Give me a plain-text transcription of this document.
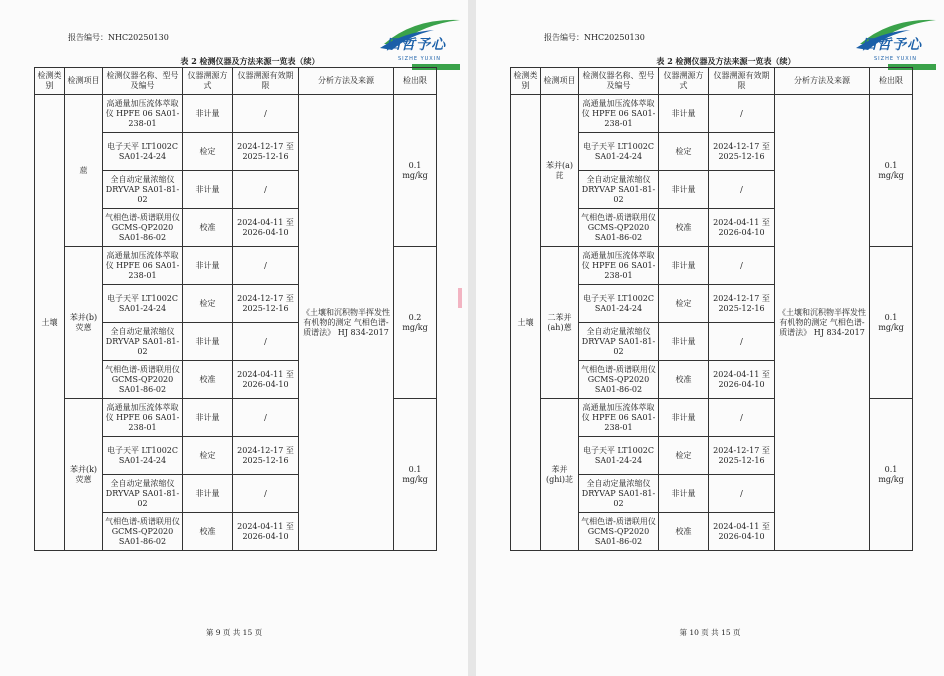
报告编号：NHC20250130	四哲予心
SIZHE YUXIN
表 2 检测仪器及方法来源一览表（续）
检测类别	检测项目	检测仪器名称、型号及编号	仪器溯源方式	仪器溯源有效期限	分析方法及来源	检出限
土壤	䓛	高通量加压流体萃取仪 HPFE 06 SA01-238-01	非计量	/	《土壤和沉积物半挥发性有机物的测定 气相色谱-质谱法》 HJ 834-2017	0.1 mg/kg
		电子天平 LT1002C SA01-24-24	检定	2024-12-17 至 2025-12-16		
		全自动定量浓缩仪 DRYVAP SA01-81-02	非计量	/		
		气相色谱-质谱联用仪 GCMS-QP2020 SA01-86-02	校准	2024-04-11 至 2026-04-10		
	苯并(b)荧蒽	高通量加压流体萃取仪 HPFE 06 SA01-238-01	非计量	/		0.2 mg/kg
		电子天平 LT1002C SA01-24-24	检定	2024-12-17 至 2025-12-16		
		全自动定量浓缩仪 DRYVAP SA01-81-02	非计量	/		
		气相色谱-质谱联用仪 GCMS-QP2020 SA01-86-02	校准	2024-04-11 至 2026-04-10		
	苯并(k)荧蒽	高通量加压流体萃取仪 HPFE 06 SA01-238-01	非计量	/		0.1 mg/kg
		电子天平 LT1002C SA01-24-24	检定	2024-12-17 至 2025-12-16		
		全自动定量浓缩仪 DRYVAP SA01-81-02	非计量	/		
		气相色谱-质谱联用仪 GCMS-QP2020 SA01-86-02	校准	2024-04-11 至 2026-04-10		
第 9 页 共 15 页
报告编号：NHC20250130	四哲予心
SIZHE YUXIN
表 2 检测仪器及方法来源一览表（续）
检测类别	检测项目	检测仪器名称、型号及编号	仪器溯源方式	仪器溯源有效期限	分析方法及来源	检出限
土壤	苯并(a)芘	高通量加压流体萃取仪 HPFE 06 SA01-238-01	非计量	/	《土壤和沉积物半挥发性有机物的测定 气相色谱-质谱法》 HJ 834-2017	0.1 mg/kg
		电子天平 LT1002C SA01-24-24	检定	2024-12-17 至 2025-12-16		
		全自动定量浓缩仪 DRYVAP SA01-81-02	非计量	/		
		气相色谱-质谱联用仪 GCMS-QP2020 SA01-86-02	校准	2024-04-11 至 2026-04-10		
	二苯并(ah)蒽	高通量加压流体萃取仪 HPFE 06 SA01-238-01	非计量	/		0.1 mg/kg
		电子天平 LT1002C SA01-24-24	检定	2024-12-17 至 2025-12-16		
		全自动定量浓缩仪 DRYVAP SA01-81-02	非计量	/		
		气相色谱-质谱联用仪 GCMS-QP2020 SA01-86-02	校准	2024-04-11 至 2026-04-10		
	苯并(ghi)苝	高通量加压流体萃取仪 HPFE 06 SA01-238-01	非计量	/		0.1 mg/kg
		电子天平 LT1002C SA01-24-24	检定	2024-12-17 至 2025-12-16		
		全自动定量浓缩仪 DRYVAP SA01-81-02	非计量	/		
		气相色谱-质谱联用仪 GCMS-QP2020 SA01-86-02	校准	2024-04-11 至 2026-04-10		
第 10 页 共 15 页
